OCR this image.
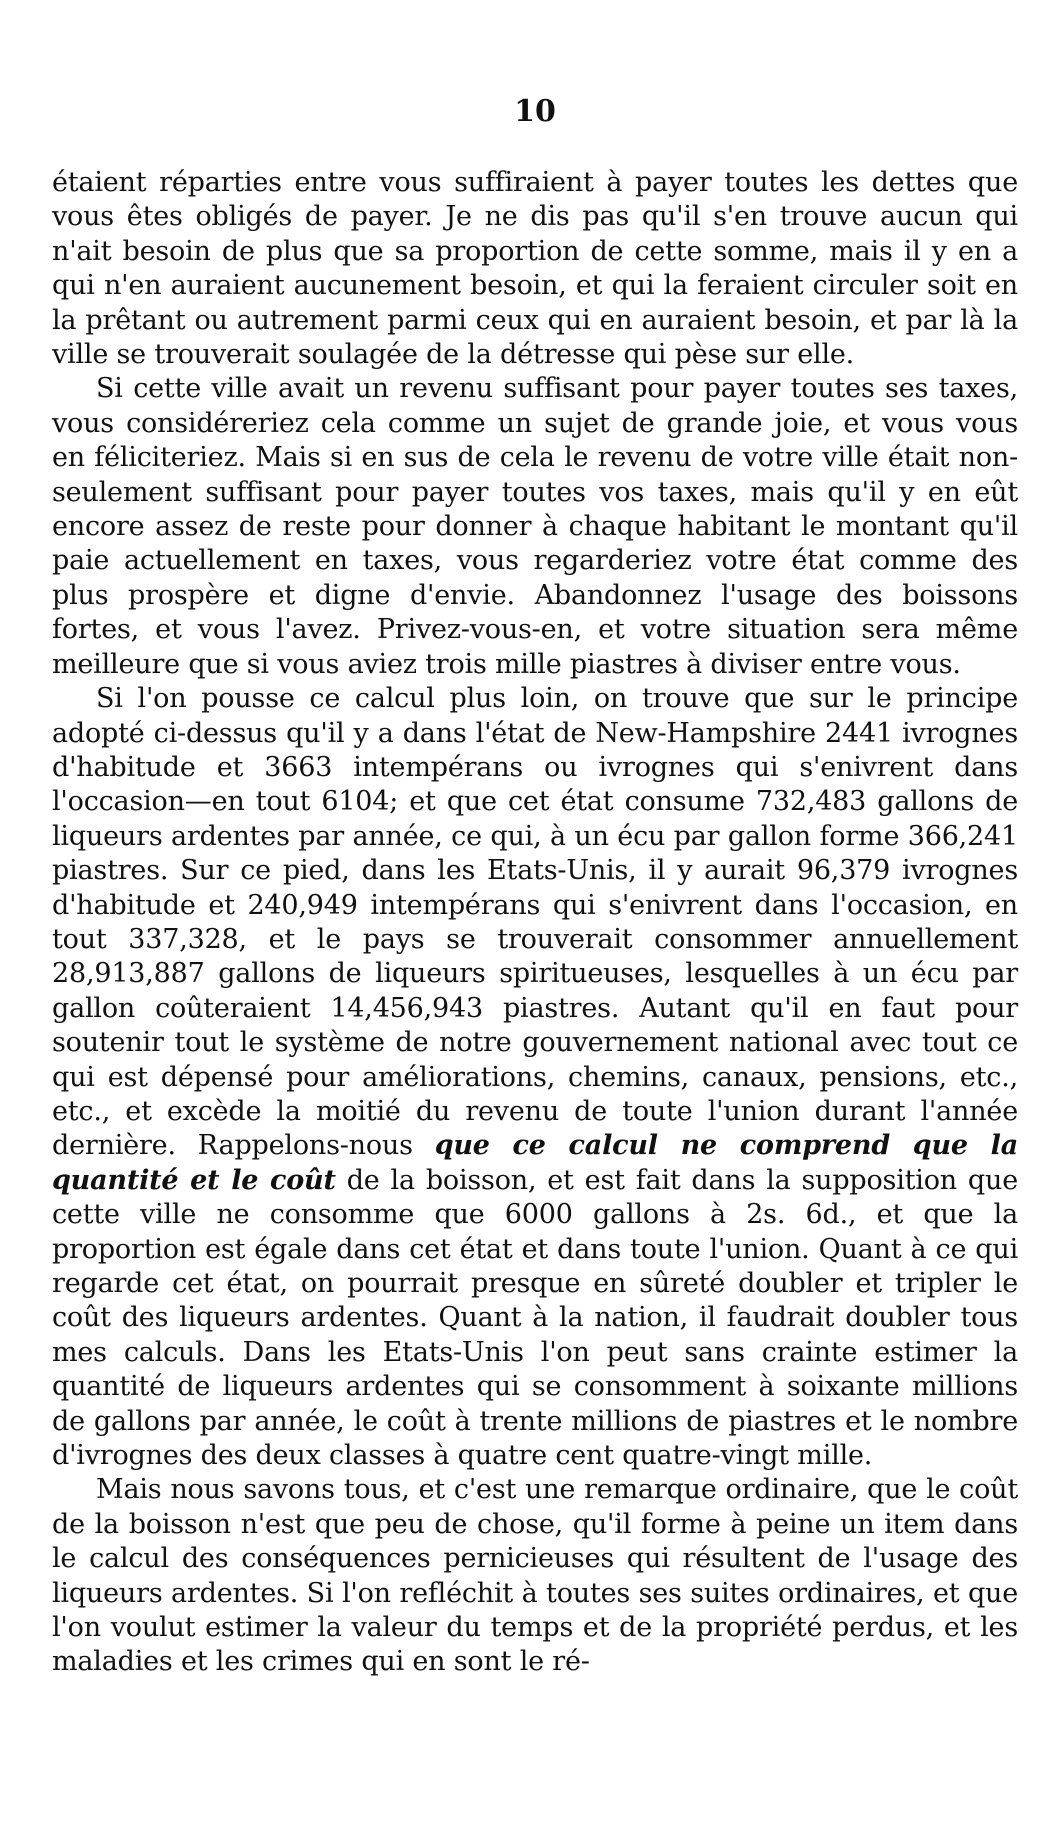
10

étaient réparties entre vous suffiraient à payer toutes les dettes que vous êtes obligés de payer. Je ne dis pas qu'il s'en trouve aucun qui n'ait besoin de plus que sa proportion de cette somme, mais il y en a qui n'en auraient aucunement besoin, et qui la feraient circuler soit en la prêtant ou autrement parmi ceux qui en auraient besoin, et par là la ville se trouverait soulagée de la détresse qui pèse sur elle.

Si cette ville avait un revenu suffisant pour payer toutes ses taxes, vous considéreriez cela comme un sujet de grande joie, et vous vous en féliciteriez. Mais si en sus de cela le revenu de votre ville était non-seulement suffisant pour payer toutes vos taxes, mais qu'il y en eût encore assez de reste pour donner à chaque habitant le montant qu'il paie actuellement en taxes, vous regarderiez votre état comme des plus prospère et digne d'envie. Abandonnez l'usage des boissons fortes, et vous l'avez. Privez-vous-en, et votre situation sera même meilleure que si vous aviez trois mille piastres à diviser entre vous.

Si l'on pousse ce calcul plus loin, on trouve que sur le principe adopté ci-dessus qu'il y a dans l'état de New-Hampshire 2441 ivrognes d'habitude et 3663 intempérans ou ivrognes qui s'enivrent dans l'occasion—en tout 6104; et que cet état consume 732,483 gallons de liqueurs ardentes par année, ce qui, à un écu par gallon forme 366,241 piastres. Sur ce pied, dans les Etats-Unis, il y aurait 96,379 ivrognes d'habitude et 240,949 intempérans qui s'enivrent dans l'occasion, en tout 337,328, et le pays se trouverait consommer annuellement 28,913,887 gallons de liqueurs spiritueuses, lesquelles à un écu par gallon coûteraient 14,456,943 piastres. Autant qu'il en faut pour soutenir tout le système de notre gouvernement national avec tout ce qui est dépensé pour améliorations, chemins, canaux, pensions, etc., etc., et excède la moitié du revenu de toute l'union durant l'année dernière. Rappelons-nous que ce calcul ne comprend que la quantité et le coût de la boisson, et est fait dans la supposition que cette ville ne consomme que 6000 gallons à 2s. 6d., et que la proportion est égale dans cet état et dans toute l'union. Quant à ce qui regarde cet état, on pourrait presque en sûreté doubler et tripler le coût des liqueurs ardentes. Quant à la nation, il faudrait doubler tous mes calculs. Dans les Etats-Unis l'on peut sans crainte estimer la quantité de liqueurs ardentes qui se consomment à soixante millions de gallons par année, le coût à trente millions de piastres et le nombre d'ivrognes des deux classes à quatre cent quatre-vingt mille.

Mais nous savons tous, et c'est une remarque ordinaire, que le coût de la boisson n'est que peu de chose, qu'il forme à peine un item dans le calcul des conséquences pernicieuses qui résultent de l'usage des liqueurs ardentes. Si l'on refléchit à toutes ses suites ordinaires, et que l'on voulut estimer la valeur du temps et de la propriété perdus, et les maladies et les crimes qui en sont le ré-
